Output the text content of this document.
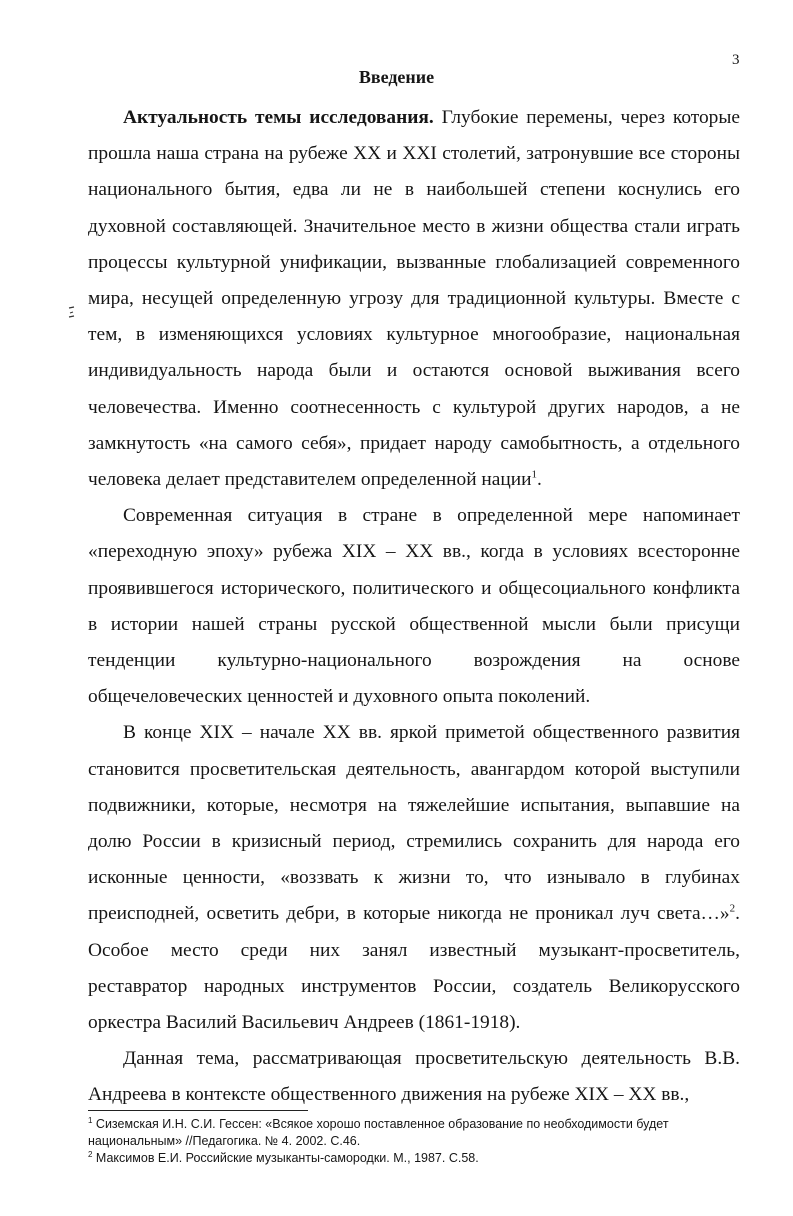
3
Введение

Актуальность темы исследования. Глубокие перемены, через которые прошла наша страна на рубеже XX и XXI столетий, затронувшие все стороны национального бытия, едва ли не в наибольшей степени коснулись его духовной составляющей. Значительное место в жизни общества стали играть процессы культурной унификации, вызванные глобализацией современного мира, несущей определенную угрозу для традиционной культуры. Вместе с тем, в изменяющихся условиях культурное многообразие, национальная индивидуальность народа были и остаются основой выживания всего человечества. Именно соотнесенность с культурой других народов, а не замкнутость «на самого себя», придает народу самобытность, а отдельного человека делает представителем определенной нации$^1$.

Современная ситуация в стране в определенной мере напоминает «переходную эпоху» рубежа XIX – XX вв., когда в условиях всесторонне проявившегося исторического, политического и общесоциального конфликта в истории нашей страны русской общественной мысли были присущи тенденции культурно-национального возрождения на основе общечеловеческих ценностей и духовного опыта поколений.

В конце XIX – начале XX вв. яркой приметой общественного развития становится просветительская деятельность, авангардом которой выступили подвижники, которые, несмотря на тяжелейшие испытания, выпавшие на долю России в кризисный период, стремились сохранить для народа его исконные ценности, «воззвать к жизни то, что изнывало в глубинах преисподней, осветить дебри, в которые никогда не проникал луч света…»$^2$. Особое место среди них занял известный музыкант-просветитель, реставратор народных инструментов России, создатель Великорусского оркестра Василий Васильевич Андреев (1861-1918).

Данная тема, рассматривающая просветительскую деятельность В.В. Андреева в контексте общественного движения на рубеже XIX – XX вв.,

$^1$ Сиземская И.Н. С.И. Гессен: «Всякое хорошо поставленное образование по необходимости будет национальным» //Педагогика. № 4. 2002. С.46.

$^2$ Максимов Е.И. Российские музыканты-самородки. М., 1987. С.58.
